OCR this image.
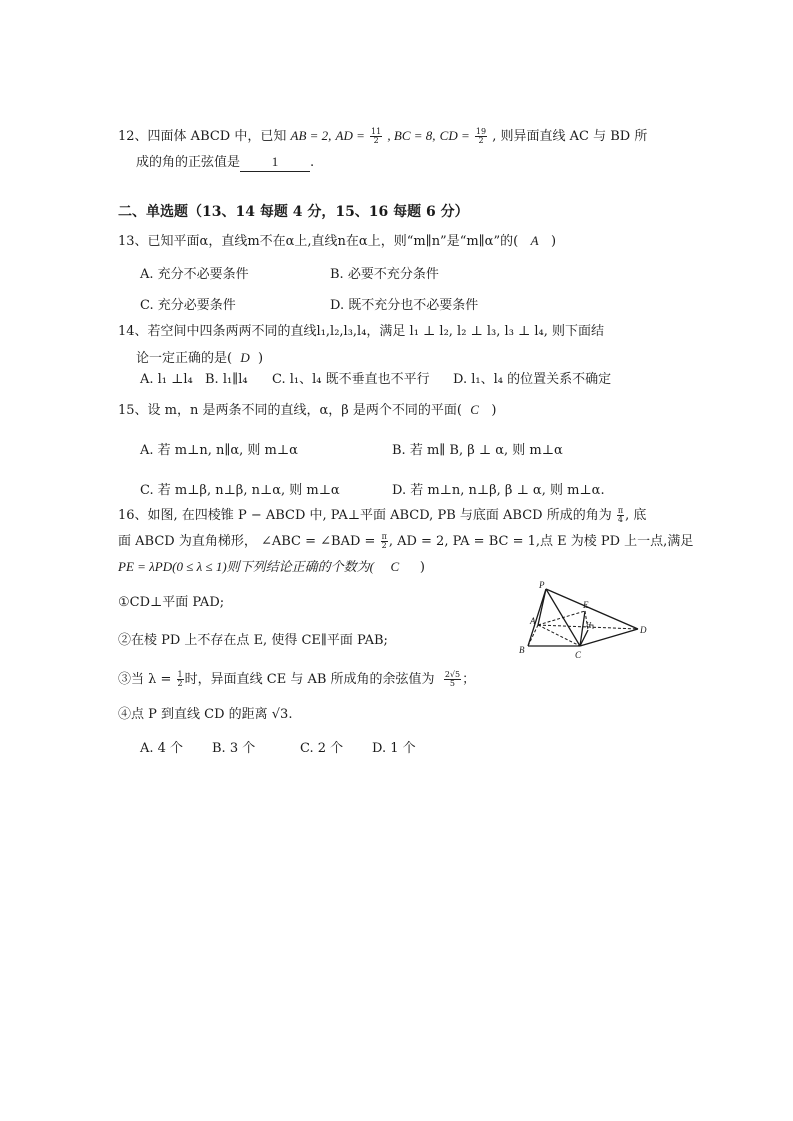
12、四面体 ABCD 中，已知 AB = 2, AD = $\frac{11}{2}$ , BC = 8, CD = $\frac{19}{2}$ , 则异面直线 AC 与 BD 所
成的角的正弦值是 1 .
二、单选题（13、14 每题 4 分，15、16 每题 6 分）
13、已知平面α，直线m不在α上,直线n在α上，则“m∥n”是“m∥α”的( A )
A. 充分不必要条件	B. 必要不充分条件
C. 充分必要条件	D. 既不充分也不必要条件
14、若空间中四条两两不同的直线l₁,l₂,l₃,l₄，满足 l₁ ⊥ l₂, l₂ ⊥ l₃, l₃ ⊥ l₄, 则下面结
论一定正确的是( D )
A. l₁ ⊥l₄ B. l₁∥l₄ C. l₁、l₄ 既不垂直也不平行 D. l₁、l₄ 的位置关系不确定
15、设 m，n 是两条不同的直线，α，β 是两个不同的平面( C )
A. 若 m⊥n, n∥α, 则 m⊥α	B. 若 m∥ B, β ⊥ α, 则 m⊥α
C. 若 m⊥β, n⊥β, n⊥α, 则 m⊥α	D. 若 m⊥n, n⊥β, β ⊥ α, 则 m⊥α.
16、如图, 在四棱锥 P − ABCD 中, PA⊥平面 ABCD, PB 与底面 ABCD 所成的角为 $\frac{\pi}{4}$ , 底
面 ABCD 为直角梯形， ∠ABC = ∠BAD = $\frac{\pi}{2}$ , AD = 2, PA = BC = 1,点 E 为棱 PD 上一点,满足
PE = λPD(0 ≤ λ ≤ 1)则下列结论正确的个数为( C )
①CD⊥平面 PAD;
②在棱 PD 上不存在点 E, 使得 CE∥平面 PAB;
③当 $\lambda = \frac{1}{2}$ 时，异面直线 CE 与 AB 所成角的余弦值为 $\frac{2√5}{5}$ ；
④点 P 到直线 CD 的距离 √3.
A. 4 个 B. 3 个	C. 2 个 D. 1 个
P
A
B	C
D
E
H
